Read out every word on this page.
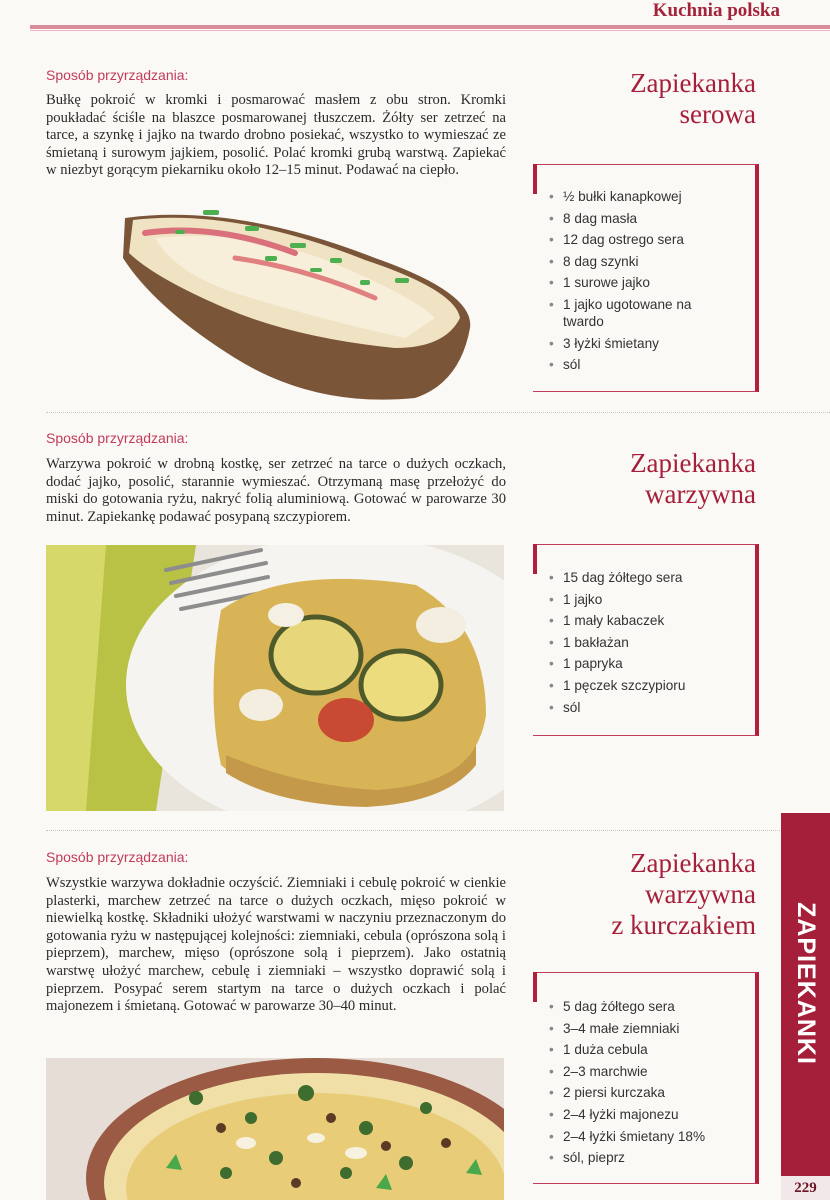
Kuchnia polska
Sposób przyrządzania:
Bułkę pokroić w kromki i posmarować masłem z obu stron. Kromki poukładać ściśle na blaszce posmarowanej tłuszczem. Żółty ser zetrzeć na tarce, a szynkę i jajko na twardo drobno posiekać, wszystko to wymieszać ze śmietaną i surowym jajkiem, posolić. Polać kromki grubą warstwą. Zapiekać w niezbyt gorącym piekarniku około 12–15 minut. Podawać na ciepło.
Zapiekanka
serowa
• ½ bułki kanapkowej
• 8 dag masła
• 12 dag ostrego sera
• 8 dag szynki
• 1 surowe jajko
• 1 jajko ugotowane na twardo
• 3 łyżki śmietany
• sól
Sposób przyrządzania:
Warzywa pokroić w drobną kostkę, ser zetrzeć na tarce o dużych oczkach, dodać jajko, posolić, starannie wymieszać. Otrzymaną masę przełożyć do miski do gotowania ryżu, nakryć folią aluminiową. Gotować w parowarze 30 minut. Zapiekankę podawać posypaną szczypiorem.
Zapiekanka
warzywna
• 15 dag żółtego sera
• 1 jajko
• 1 mały kabaczek
• 1 bakłażan
• 1 papryka
• 1 pęczek szczypioru
• sól
Sposób przyrządzania:
Wszystkie warzywa dokładnie oczyścić. Ziemniaki i cebulę pokroić w cienkie plasterki, marchew zetrzeć na tarce o dużych oczkach, mięso pokroić w niewielką kostkę. Składniki ułożyć warstwami w naczyniu przeznaczonym do gotowania ryżu w następującej kolejności: ziemniaki, cebula (oprószona solą i pieprzem), marchew, mięso (oprószone solą i pieprzem). Jako ostatnią warstwę ułożyć marchew, cebulę i ziemniaki – wszystko doprawić solą i pieprzem. Posypać serem startym na tarce o dużych oczkach i polać majonezem i śmietaną. Gotować w parowarze 30–40 minut.
Zapiekanka
warzywna
z kurczakiem
• 5 dag żółtego sera
• 3–4 małe ziemniaki
• 1 duża cebula
• 2–3 marchwie
• 2 piersi kurczaka
• 2–4 łyżki majonezu
• 2–4 łyżki śmietany 18%
• sól, pieprz
ZAPIEKANKI
229
